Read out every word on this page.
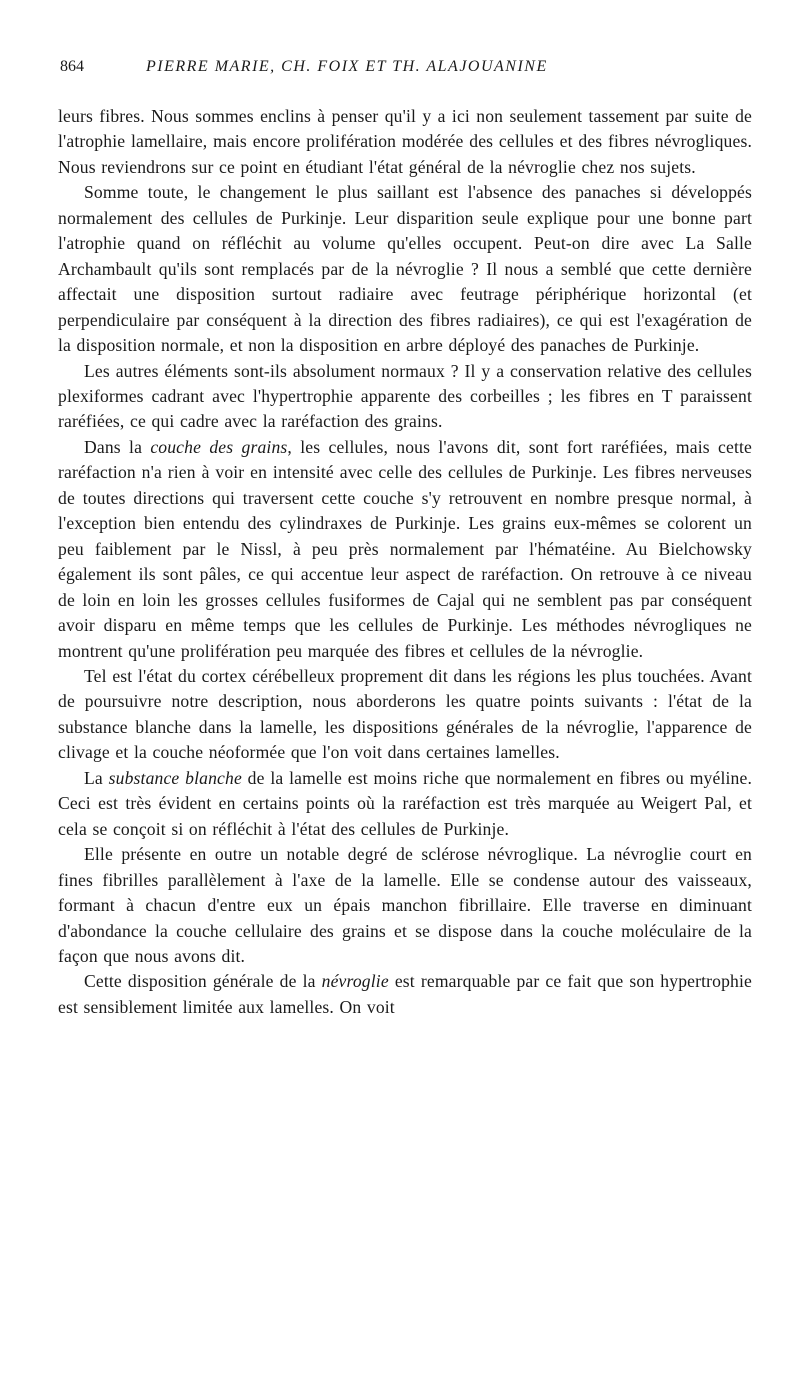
864	PIERRE MARIE, CH. FOIX ET TH. ALAJOUANINE

leurs fibres. Nous sommes enclins à penser qu'il y a ici non seulement tassement par suite de l'atrophie lamellaire, mais encore prolifération modérée des cellules et des fibres névrogliques. Nous reviendrons sur ce point en étudiant l'état général de la névroglie chez nos sujets.

Somme toute, le changement le plus saillant est l'absence des panaches si développés normalement des cellules de Purkinje. Leur disparition seule explique pour une bonne part l'atrophie quand on réfléchit au volume qu'elles occupent. Peut-on dire avec La Salle Archambault qu'ils sont remplacés par de la névroglie ? Il nous a semblé que cette dernière affectait une disposition surtout radiaire avec feutrage périphérique horizontal (et perpendiculaire par conséquent à la direction des fibres radiaires), ce qui est l'exagération de la disposition normale, et non la disposition en arbre déployé des panaches de Purkinje.

Les autres éléments sont-ils absolument normaux ? Il y a conservation relative des cellules plexiformes cadrant avec l'hypertrophie apparente des corbeilles ; les fibres en T paraissent raréfiées, ce qui cadre avec la raréfaction des grains.

Dans la couche des grains, les cellules, nous l'avons dit, sont fort raréfiées, mais cette raréfaction n'a rien à voir en intensité avec celle des cellules de Purkinje. Les fibres nerveuses de toutes directions qui traversent cette couche s'y retrouvent en nombre presque normal, à l'exception bien entendu des cylindraxes de Purkinje. Les grains eux-mêmes se colorent un peu faiblement par le Nissl, à peu près normalement par l'hématéine. Au Bielchowsky également ils sont pâles, ce qui accentue leur aspect de raréfaction. On retrouve à ce niveau de loin en loin les grosses cellules fusiformes de Cajal qui ne semblent pas par conséquent avoir disparu en même temps que les cellules de Purkinje. Les méthodes névrogliques ne montrent qu'une prolifération peu marquée des fibres et cellules de la névroglie.

Tel est l'état du cortex cérébelleux proprement dit dans les régions les plus touchées. Avant de poursuivre notre description, nous aborderons les quatre points suivants : l'état de la substance blanche dans la lamelle, les dispositions générales de la névroglie, l'apparence de clivage et la couche néoformée que l'on voit dans certaines lamelles.

La substance blanche de la lamelle est moins riche que normalement en fibres ou myéline. Ceci est très évident en certains points où la raréfaction est très marquée au Weigert Pal, et cela se conçoit si on réfléchit à l'état des cellules de Purkinje.

Elle présente en outre un notable degré de sclérose névroglique. La névroglie court en fines fibrilles parallèlement à l'axe de la lamelle. Elle se condense autour des vaisseaux, formant à chacun d'entre eux un épais manchon fibrillaire. Elle traverse en diminuant d'abondance la couche cellulaire des grains et se dispose dans la couche moléculaire de la façon que nous avons dit.

Cette disposition générale de la névroglie est remarquable par ce fait que son hypertrophie est sensiblement limitée aux lamelles. On voit
